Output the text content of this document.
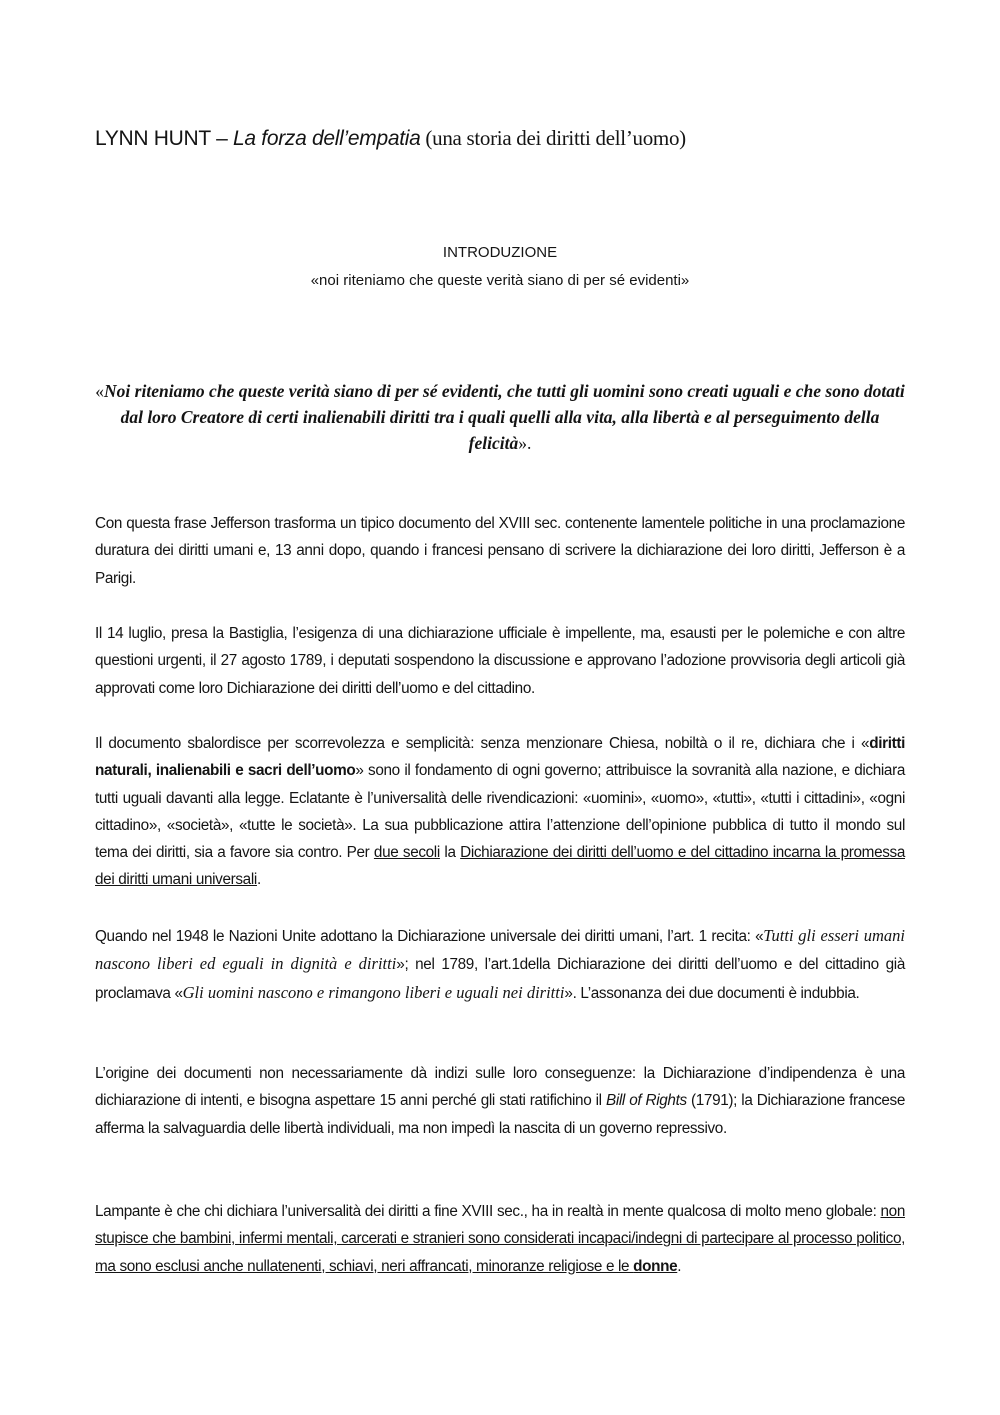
LYNN HUNT – La forza dell’empatia (una storia dei diritti dell’uomo)
INTRODUZIONE
«noi riteniamo che queste verità siano di per sé evidenti»
«Noi riteniamo che queste verità siano di per sé evidenti, che tutti gli uomini sono creati uguali e che sono dotati dal loro Creatore di certi inalienabili diritti tra i quali quelli alla vita, alla libertà e al perseguimento della felicità».
Con questa frase Jefferson trasforma un tipico documento del XVIII sec. contenente lamentele politiche in una proclamazione duratura dei diritti umani e, 13 anni dopo, quando i francesi pensano di scrivere la dichiarazione dei loro diritti, Jefferson è a Parigi.
Il 14 luglio, presa la Bastiglia, l’esigenza di una dichiarazione ufficiale è impellente, ma, esausti per le polemiche e con altre questioni urgenti, il 27 agosto 1789, i deputati sospendono la discussione e approvano l’adozione provvisoria degli articoli già approvati come loro Dichiarazione dei diritti dell’uomo e del cittadino.
Il documento sbalordisce per scorrevolezza e semplicità: senza menzionare Chiesa, nobiltà o il re, dichiara che i «diritti naturali, inalienabili e sacri dell’uomo» sono il fondamento di ogni governo; attribuisce la sovranità alla nazione, e dichiara tutti uguali davanti alla legge. Eclatante è l’universalità delle rivendicazioni: «uomini», «uomo», «tutti», «tutti i cittadini», «ogni cittadino», «società», «tutte le società». La sua pubblicazione attira l’attenzione dell’opinione pubblica di tutto il mondo sul tema dei diritti, sia a favore sia contro. Per due secoli la Dichiarazione dei diritti dell’uomo e del cittadino incarna la promessa dei diritti umani universali.
Quando nel 1948 le Nazioni Unite adottano la Dichiarazione universale dei diritti umani, l’art. 1 recita: «Tutti gli esseri umani nascono liberi ed eguali in dignità e diritti»; nel 1789, l’art.1della Dichiarazione dei diritti dell’uomo e del cittadino già proclamava «Gli uomini nascono e rimangono liberi e uguali nei diritti». L’assonanza dei due documenti è indubbia.
L’origine dei documenti non necessariamente dà indizi sulle loro conseguenze: la Dichiarazione d’indipendenza è una dichiarazione di intenti, e bisogna aspettare 15 anni perché gli stati ratifichino il Bill of Rights (1791); la Dichiarazione francese afferma la salvaguardia delle libertà individuali, ma non impedì la nascita di un governo repressivo.
Lampante è che chi dichiara l’universalità dei diritti a fine XVIII sec., ha in realtà in mente qualcosa di molto meno globale: non stupisce che bambini, infermi mentali, carcerati e stranieri sono considerati incapaci/indegni di partecipare al processo politico, ma sono esclusi anche nullatenenti, schiavi, neri affrancati, minoranze religiose e le donne.
